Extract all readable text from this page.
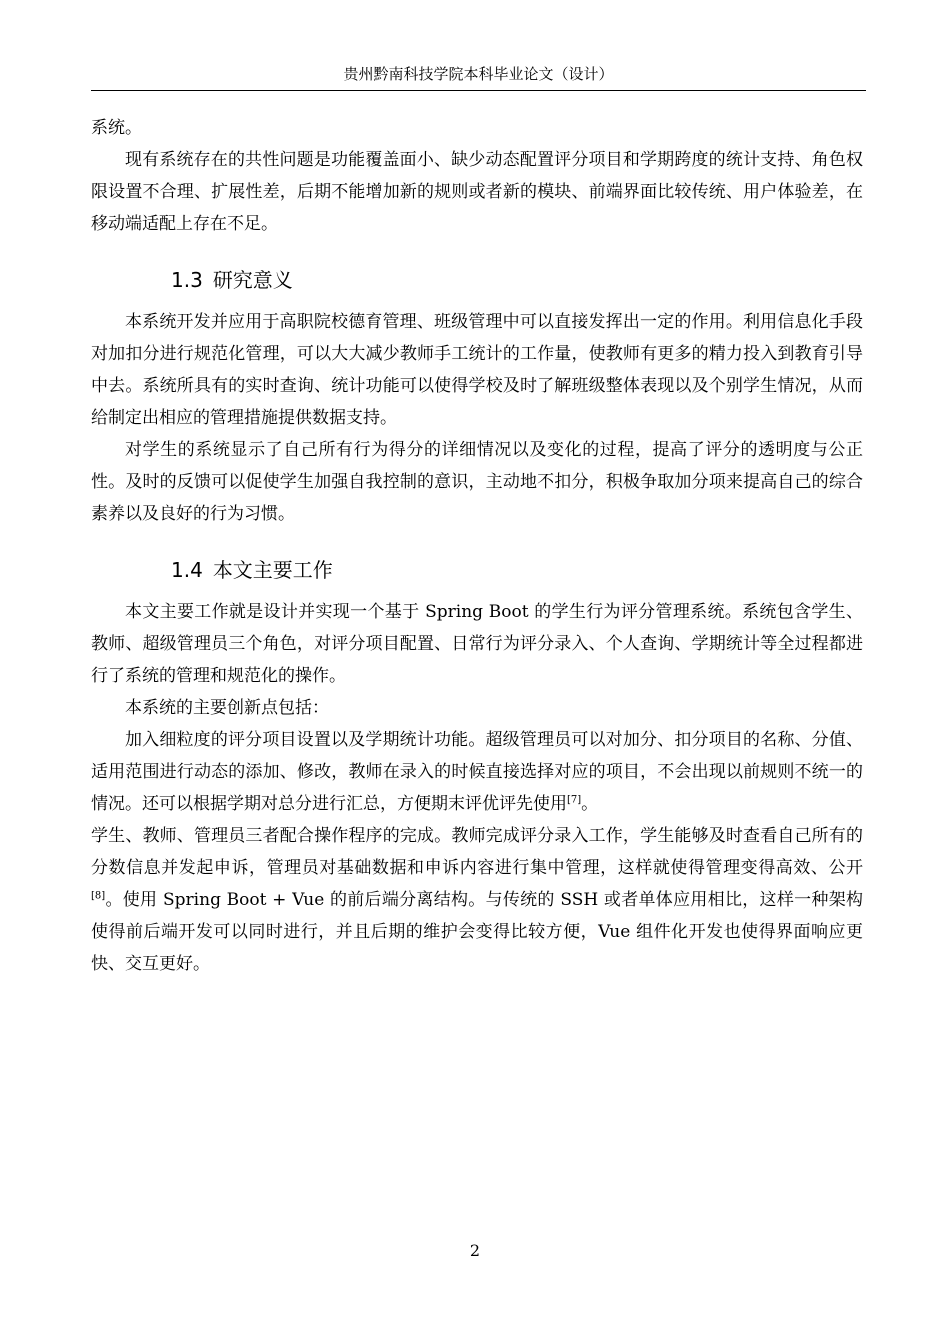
贵州黔南科技学院本科毕业论文（设计）

系统。

现有系统存在的共性问题是功能覆盖面小、缺少动态配置评分项目和学期跨度的统计支持、角色权限设置不合理、扩展性差，后期不能增加新的规则或者新的模块、前端界面比较传统、用户体验差，在移动端适配上存在不足。

1.3 研究意义

本系统开发并应用于高职院校德育管理、班级管理中可以直接发挥出一定的作用。利用信息化手段对加扣分进行规范化管理，可以大大减少教师手工统计的工作量，使教师有更多的精力投入到教育引导中去。系统所具有的实时查询、统计功能可以使得学校及时了解班级整体表现以及个别学生情况，从而给制定出相应的管理措施提供数据支持。

对学生的系统显示了自己所有行为得分的详细情况以及变化的过程，提高了评分的透明度与公正性。及时的反馈可以促使学生加强自我控制的意识，主动地不扣分，积极争取加分项来提高自己的综合素养以及良好的行为习惯。

1.4 本文主要工作

本文主要工作就是设计并实现一个基于 Spring Boot 的学生行为评分管理系统。系统包含学生、教师、超级管理员三个角色，对评分项目配置、日常行为评分录入、个人查询、学期统计等全过程都进行了系统的管理和规范化的操作。

本系统的主要创新点包括：

加入细粒度的评分项目设置以及学期统计功能。超级管理员可以对加分、扣分项目的名称、分值、适用范围进行动态的添加、修改，教师在录入的时候直接选择对应的项目，不会出现以前规则不统一的情况。还可以根据学期对总分进行汇总，方便期末评优评先使用[7]。

学生、教师、管理员三者配合操作程序的完成。教师完成评分录入工作，学生能够及时查看自己所有的分数信息并发起申诉，管理员对基础数据和申诉内容进行集中管理，这样就使得管理变得高效、公开[8]。使用 Spring Boot + Vue 的前后端分离结构。与传统的 SSH 或者单体应用相比，这样一种架构使得前后端开发可以同时进行，并且后期的维护会变得比较方便，Vue 组件化开发也使得界面响应更快、交互更好。

2
